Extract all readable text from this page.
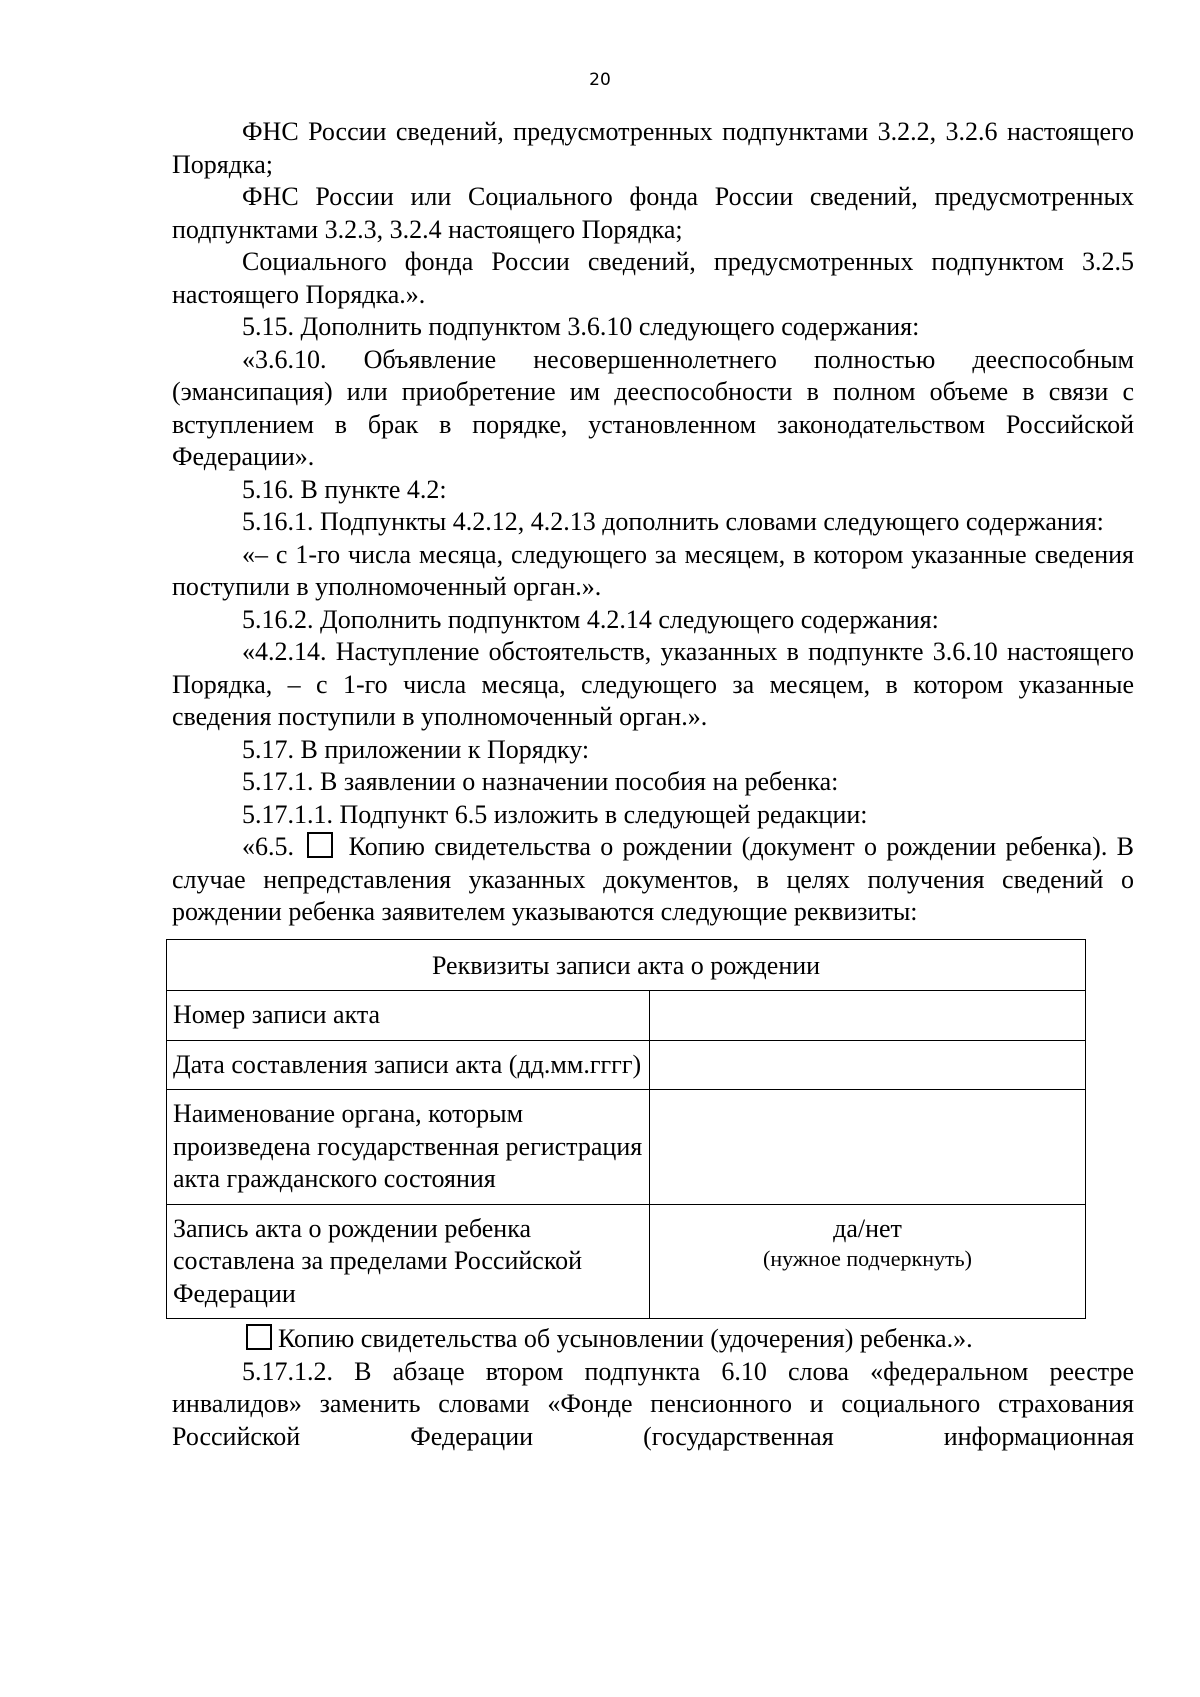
20

ФНС России сведений, предусмотренных подпунктами 3.2.2, 3.2.6 настоящего Порядка;

ФНС России или Социального фонда России сведений, предусмотренных подпунктами 3.2.3, 3.2.4 настоящего Порядка;

Социального фонда России сведений, предусмотренных подпунктом 3.2.5 настоящего Порядка.».

5.15. Дополнить подпунктом 3.6.10 следующего содержания:

«3.6.10. Объявление несовершеннолетнего полностью дееспособным (эмансипация) или приобретение им дееспособности в полном объеме в связи с вступлением в брак в порядке, установленном законодательством Российской Федерации».

5.16. В пункте 4.2:

5.16.1. Подпункты 4.2.12, 4.2.13 дополнить словами следующего содержания:

«– с 1-го числа месяца, следующего за месяцем, в котором указанные сведения поступили в уполномоченный орган.».

5.16.2. Дополнить подпунктом 4.2.14 следующего содержания:

«4.2.14. Наступление обстоятельств, указанных в подпункте 3.6.10 настоящего Порядка, – с 1-го числа месяца, следующего за месяцем, в котором указанные сведения поступили в уполномоченный орган.».

5.17. В приложении к Порядку:

5.17.1. В заявлении о назначении пособия на ребенка:

5.17.1.1. Подпункт 6.5 изложить в следующей редакции:

«6.5. Копию свидетельства о рождении (документ о рождении ребенка). В случае непредставления указанных документов, в целях получения сведений о рождении ребенка заявителем указываются следующие реквизиты:

Реквизиты записи акта о рождении	
Номер записи акта	
Дата составления записи акта (дд.мм.гггг)	
Наименование органа, которым произведена государственная регистрация акта гражданского состояния	
Запись акта о рождении ребенка составлена за пределами Российской Федерации	да/нет
(нужное подчеркнуть)

Копию свидетельства об усыновлении (удочерения) ребенка.».

5.17.1.2. В абзаце втором подпункта 6.10 слова «федеральном реестре инвалидов» заменить словами «Фонде пенсионного и социального страхования Российской Федерации (государственная информационная
